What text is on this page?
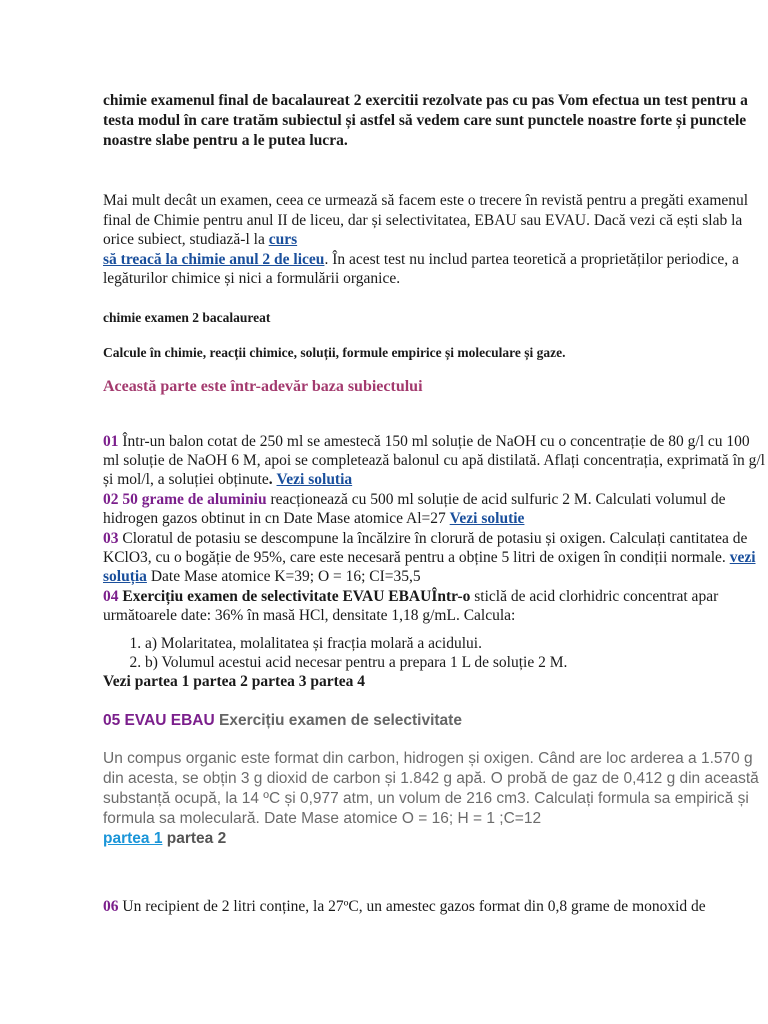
chimie examenul final de bacalaureat 2 exercitii rezolvate pas cu pas Vom efectua un test pentru a testa modul în care tratăm subiectul și astfel să vedem care sunt punctele noastre forte și punctele noastre slabe pentru a le putea lucra.

Mai mult decât un examen, ceea ce urmează să facem este o trecere în revistă pentru a pregăti examenul final de Chimie pentru anul II de liceu, dar și selectivitatea, EBAU sau EVAU. Dacă vezi că ești slab la orice subiect, studiază-l la curs
să treacă la chimie anul 2 de liceu. În acest test nu includ partea teoretică a proprietăților periodice, a legăturilor chimice și nici a formulării organice.

chimie examen 2 bacalaureat

Calcule în chimie, reacții chimice, soluții, formule empirice și moleculare și gaze.

Această parte este într-adevăr baza subiectului

01 Într-un balon cotat de 250 ml se amestecă 150 ml soluție de NaOH cu o concentrație de 80 g/l cu 100 ml soluție de NaOH 6 M, apoi se completează balonul cu apă distilată. Aflați concentrația, exprimată în g/l și mol/l, a soluției obținute. Vezi solutia
02 50 grame de aluminiu reacționează cu 500 ml soluție de acid sulfuric 2 M. Calculati volumul de hidrogen gazos obtinut in cn Date Mase atomice Al=27 Vezi solutie
03 Cloratul de potasiu se descompune la încălzire în clorură de potasiu și oxigen. Calculați cantitatea de KClO3, cu o bogăție de 95%, care este necesară pentru a obține 5 litri de oxigen în condiții normale. vezi soluția Date Mase atomice K=39; O = 16; CI=35,5
04 Exercițiu examen de selectivitate EVAU EBAUÎntr-o sticlă de acid clorhidric concentrat apar următoarele date: 36% în masă HCl, densitate 1,18 g/mL. Calcula:
1. a) Molaritatea, molalitatea și fracția molară a acidului.
2. b) Volumul acestui acid necesar pentru a prepara 1 L de soluție 2 M.

Vezi partea 1 partea 2 partea 3 partea 4

05 EVAU EBAU Exercițiu examen de selectivitate

Un compus organic este format din carbon, hidrogen și oxigen. Când are loc arderea a 1.570 g din acesta, se obțin 3 g dioxid de carbon și 1.842 g apă. O probă de gaz de 0,412 g din această substanță ocupă, la 14 ºC și 0,977 atm, un volum de 216 cm3. Calculați formula sa empirică și formula sa moleculară. Date Mase atomice O = 16; H = 1 ;C=12
partea 1 partea 2

06 Un recipient de 2 litri conține, la 27ºC, un amestec gazos format din 0,8 grame de monoxid de
